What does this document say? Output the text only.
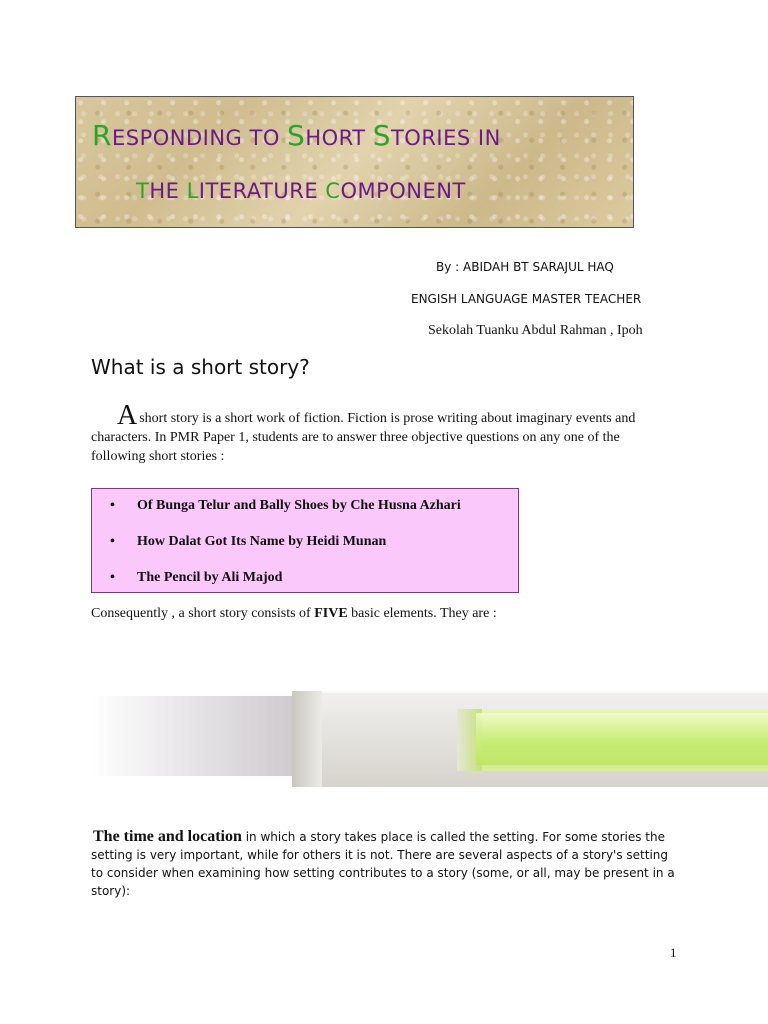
RESPONDING TO SHORT STORIES IN
THE LITERATURE COMPONENT
By : ABIDAH BT SARAJUL HAQ
ENGISH LANGUAGE MASTER TEACHER
Sekolah Tuanku Abdul Rahman , Ipoh
What is a short story?
Ashort story is a short work of fiction. Fiction is prose writing about imaginary events and characters. In PMR Paper 1, students are to answer three objective questions on any one of the following short stories :
• Of Bunga Telur and Bally Shoes by Che Husna Azhari
• How Dalat Got Its Name by Heidi Munan
• The Pencil by Ali Majod
Consequently , a short story consists of FIVE basic elements. They are :
The time and location in which a story takes place is called the setting. For some stories the setting is very important, while for others it is not. There are several aspects of a story's setting to consider when examining how setting contributes to a story (some, or all, may be present in a story):
1
